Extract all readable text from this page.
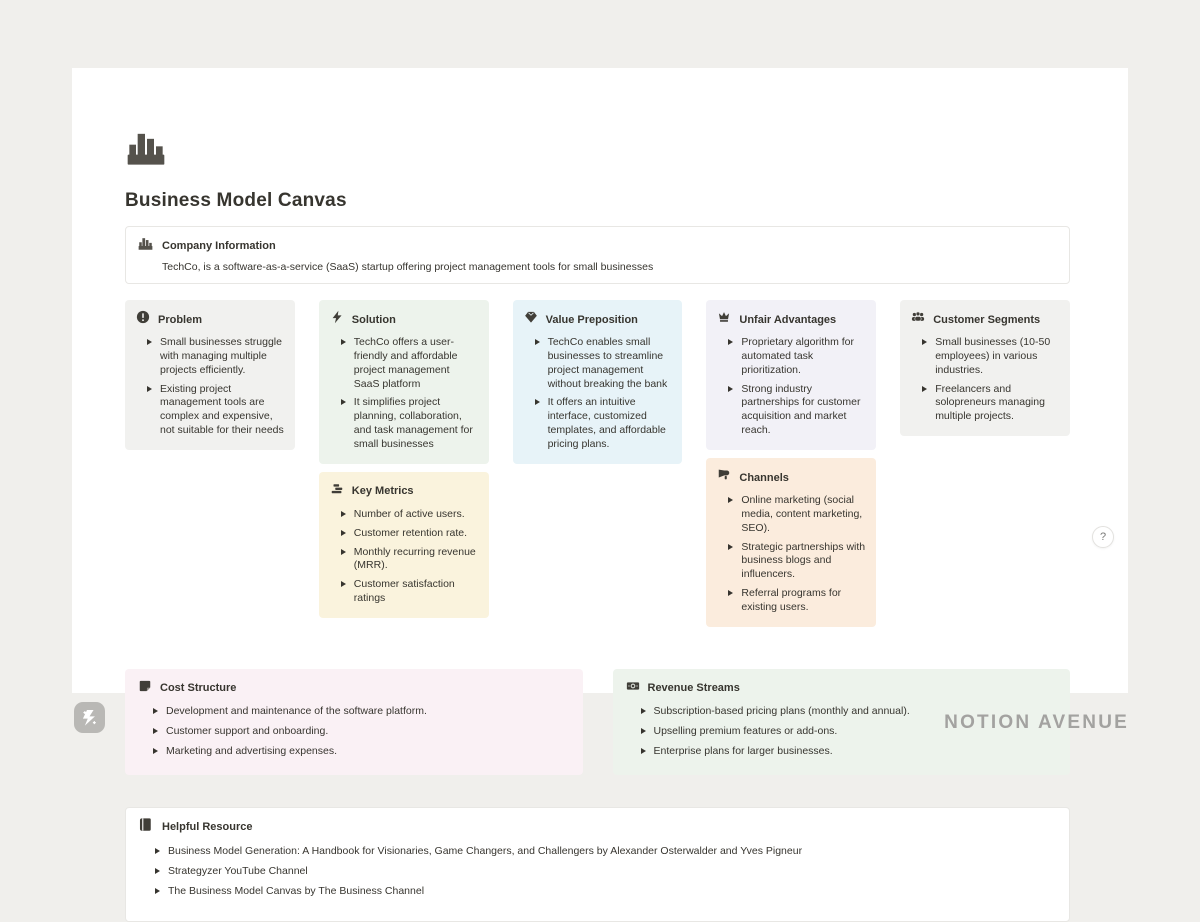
Business Model Canvas
Company Information
TechCo, is a software-as-a-service (SaaS) startup offering project management tools for small businesses
Problem
Small businesses struggle with managing multiple projects efficiently.
Existing project management tools are complex and expensive, not suitable for their needs
Solution
TechCo offers a user-friendly and affordable project management SaaS platform
It simplifies project planning, collaboration, and task management for small businesses
Key Metrics
Number of active users.
Customer retention rate.
Monthly recurring revenue (MRR).
Customer satisfaction ratings
Value Preposition
TechCo enables small businesses to streamline project management without breaking the bank
It offers an intuitive interface, customized templates, and affordable pricing plans.
Unfair Advantages
Proprietary algorithm for automated task prioritization.
Strong industry partnerships for customer acquisition and market reach.
Channels
Online marketing (social media, content marketing, SEO).
Strategic partnerships with business blogs and influencers.
Referral programs for existing users.
Customer Segments
Small businesses (10-50 employees) in various industries.
Freelancers and solopreneurs managing multiple projects.
Cost Structure
Development and maintenance of the software platform.
Customer support and onboarding.
Marketing and advertising expenses.
Revenue Streams
Subscription-based pricing plans (monthly and annual).
Upselling premium features or add-ons.
Enterprise plans for larger businesses.
Helpful Resource
Business Model Generation: A Handbook for Visionaries, Game Changers, and Challengers by Alexander Osterwalder and Yves Pigneur
Strategyzer YouTube Channel
The Business Model Canvas by The Business Channel
?
NOTION AVENUE
